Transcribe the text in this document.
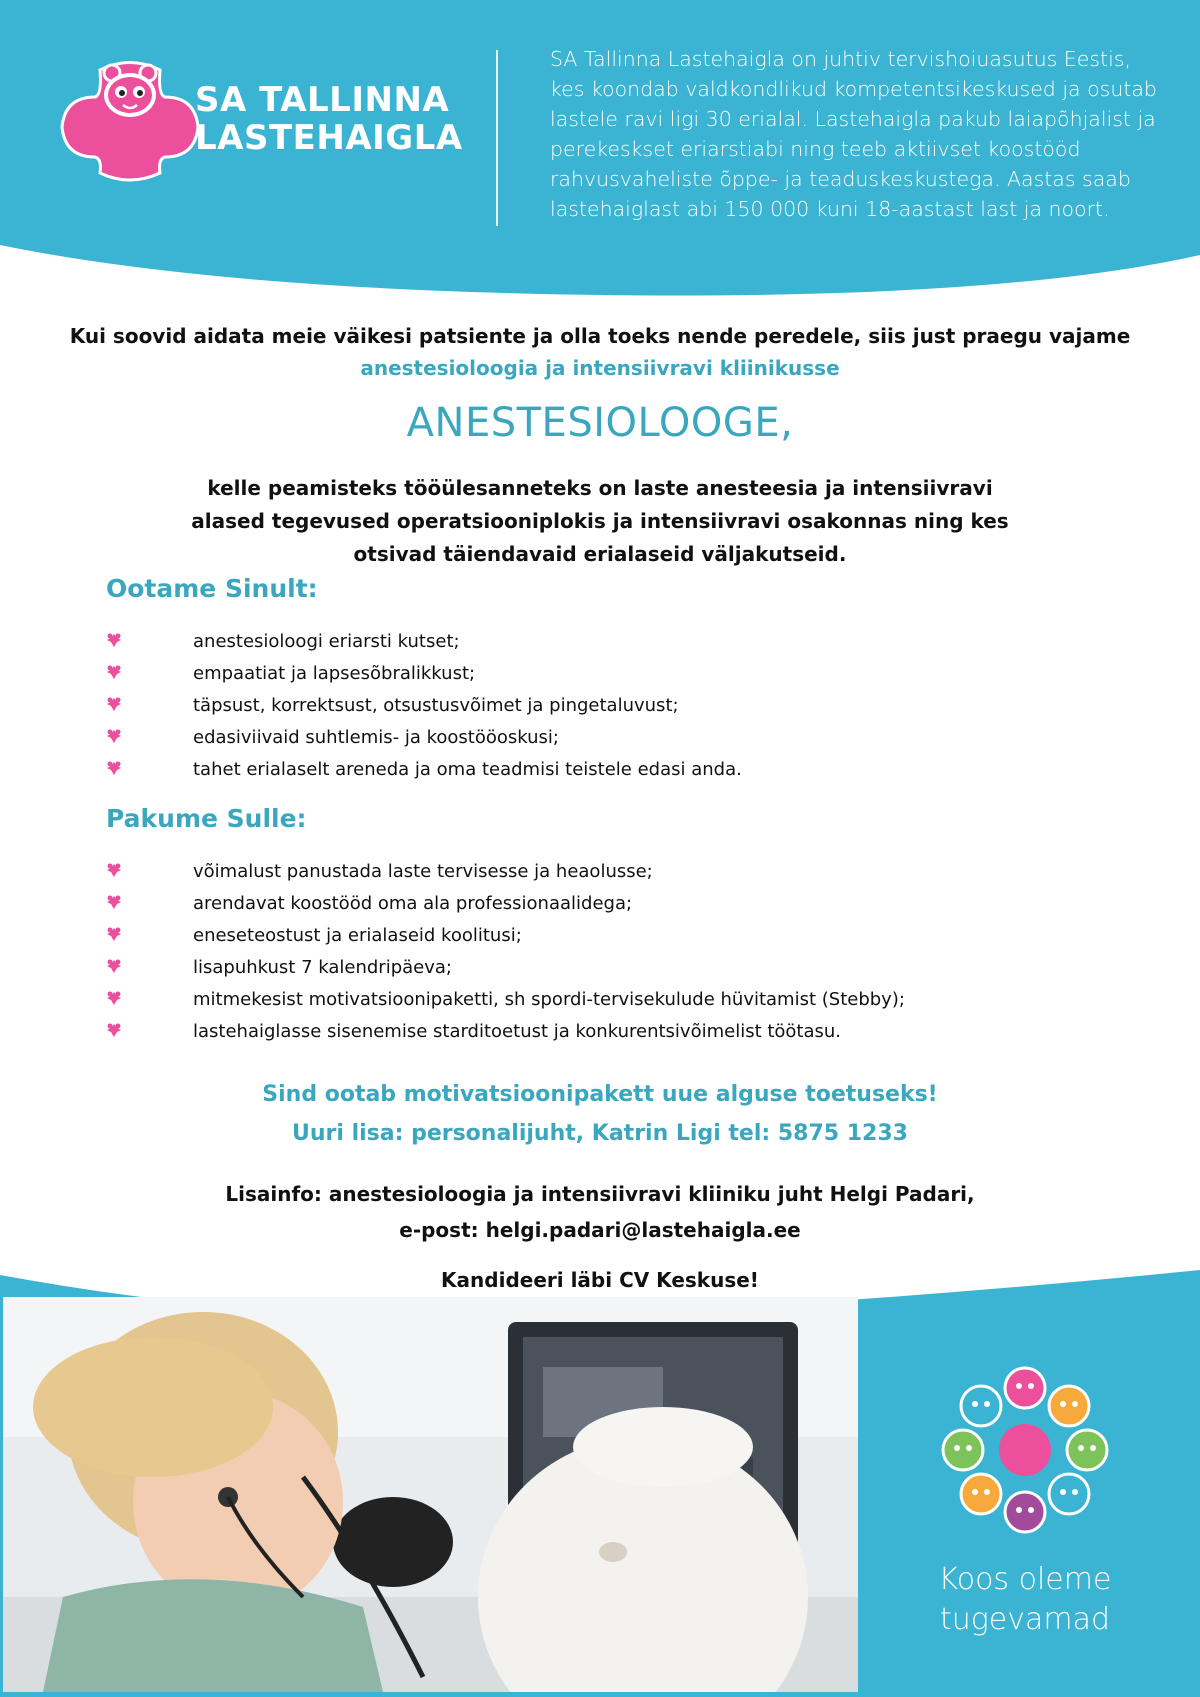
SA TALLINNA
LASTEHAIGLA
SA Tallinna Lastehaigla on juhtiv tervishoiuasutus Eestis, kes koondab valdkondlikud kompetentsikeskused ja osutab lastele ravi ligi 30 erialal. Lastehaigla pakub laiapõhjalist ja perekeskset eriarstiabi ning teeb aktiivset koostööd rahvusvaheliste õppe- ja teaduskeskustega. Aastas saab lastehaiglast abi 150 000 kuni 18-aastast last ja noort.
Kui soovid aidata meie väikesi patsiente ja olla toeks nende peredele, siis just praegu vajame
anestesioloogia ja intensiivravi kliinikusse
ANESTESIOLOOGE,
kelle peamisteks tööülesanneteks on laste anesteesia ja intensiivravi alased tegevused operatsiooniplokis ja intensiivravi osakonnas ning kes otsivad täiendavaid erialaseid väljakutseid.
Ootame Sinult:
anestesioloogi eriarsti kutset;
empaatiat ja lapsesõbralikkust;
täpsust, korrektsust, otsustusvõimet ja pingetaluvust;
edasiviivaid suhtlemis- ja koostööoskusi;
tahet erialaselt areneda ja oma teadmisi teistele edasi anda.
Pakume Sulle:
võimalust panustada laste tervisesse ja heaolusse;
arendavat koostööd oma ala professionaalidega;
eneseteostust ja erialaseid koolitusi;
lisapuhkust 7 kalendripäeva;
mitmekesist motivatsioonipaketti, sh spordi-tervisekulude hüvitamist (Stebby);
lastehaiglasse sisenemise starditoetust ja konkurentsivõimelist töötasu.
Sind ootab motivatsioonipakett uue alguse toetuseks!
Uuri lisa: personalijuht, Katrin Ligi tel: 5875 1233
Lisainfo: anestesioloogia ja intensiivravi kliiniku juht Helgi Padari,
e-post: helgi.padari@lastehaigla.ee
Kandideeri läbi CV Keskuse!
Koos oleme
tugevamad
